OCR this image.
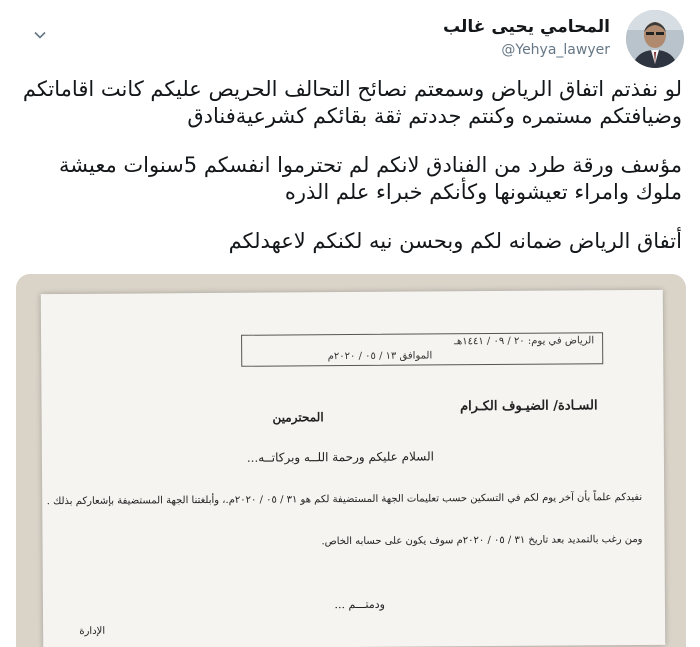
المحامي يحيى غالب
@Yehya_lawyer

لو نفذتم اتفاق الرياض وسمعتم نصائح التحالف الحريص عليكم كانت اقاماتكم وضيافتكم مستمره وكنتم جددتم ثقة بقائكم كشرعيةفنادق

مؤسف ورقة طرد من الفنادق لانكم لم تحترموا انفسكم 5سنوات معيشة ملوك وامراء تعيشونها وكأنكم خبراء علم الذره

أتفاق الرياض ضمانه لكم وبحسن نيه لكنكم لاعهدلكم

الرياض في يوم: ٢٠ / ٠٩ / ١٤٤١هـ
الموافق ١٣ / ٠٥ / ٢٠٢٠م
السـادة/ الضيـوف الكـرام
المحترمين
السلام عليكم ورحمة اللــه وبركاتــه...
نفيدكم علماً بأن آخر يوم لكم في التسكين حسب تعليمات الجهة المستضيفة لكم هو ٣١ / ٠٥ / ٢٠٢٠م.، وأبلغتنا الجهة المستضيفة بإشعاركم بذلك .
ومن رغب بالتمديد بعد تاريخ ٣١ / ٠٥ / ٢٠٢٠م سوف يكون على حسابه الخاص.
ودمتـــم ...
الإدارة
